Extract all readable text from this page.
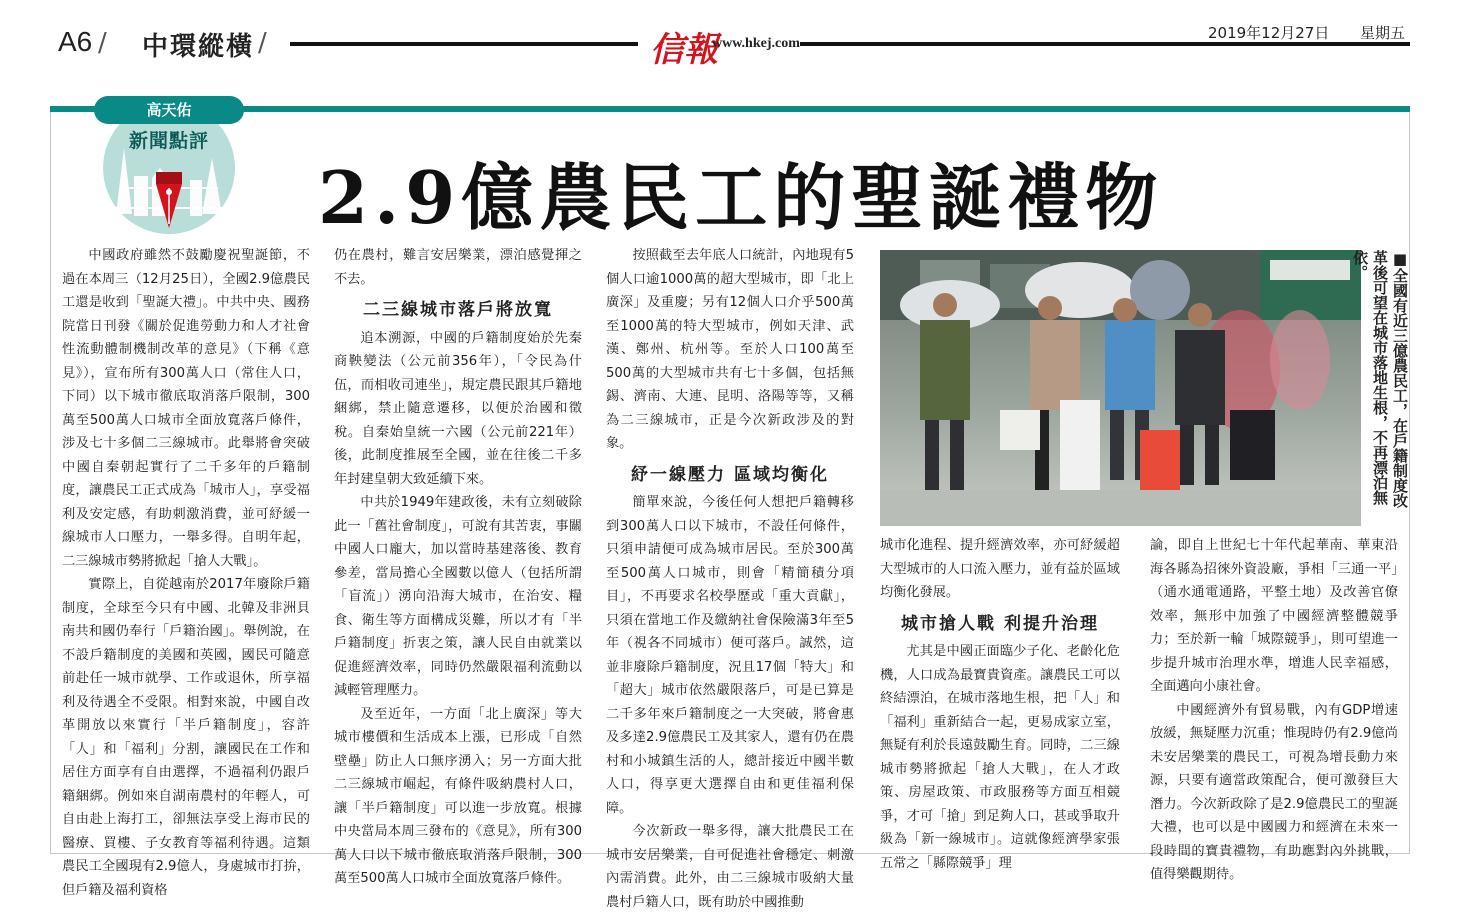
A6 / 中環縱橫 /	信報
www.hkej.com
2019年12月27日 星期五
高天佑
新聞點評
2.9億農民工的聖誕禮物

中國政府雖然不鼓勵慶祝聖誕節，不過在本周三（12月25日），全國2.9億農民工還是收到「聖誕大禮」。中共中央、國務院當日刊發《關於促進勞動力和人才社會性流動體制機制改革的意見》（下稱《意見》），宣布所有300萬人口（常住人口，下同）以下城市徹底取消落戶限制，300萬至500萬人口城市全面放寬落戶條件，涉及七十多個二三線城市。此舉將會突破中國自秦朝起實行了二千多年的戶籍制度，讓農民工正式成為「城市人」，享受福利及安定感，有助刺激消費，並可紓緩一線城市人口壓力，一舉多得。自明年起，二三線城市勢將掀起「搶人大戰」。

實際上，自從越南於2017年廢除戶籍制度，全球至今只有中國、北韓及非洲貝南共和國仍奉行「戶籍治國」。舉例說，在不設戶籍制度的美國和英國，國民可隨意前赴任一城市就學、工作或退休，所享福利及待遇全不受限。相對來說，中國自改革開放以來實行「半戶籍制度」，容許「人」和「福利」分割，讓國民在工作和居住方面享有自由選擇，不過福利仍跟戶籍綑綁。例如來自湖南農村的年輕人，可自由赴上海打工，卻無法享受上海市民的醫療、買樓、子女教育等福利待遇。這類農民工全國現有2.9億人，身處城市打拚，但戶籍及福利資格

仍在農村，難言安居樂業，漂泊感覺揮之不去。

二三線城市落戶將放寬

追本溯源，中國的戶籍制度始於先秦商鞅變法（公元前356年），「令民為什伍，而相收司連坐」，規定農民跟其戶籍地綑綁，禁止隨意遷移，以便於治國和徵稅。自秦始皇統一六國（公元前221年）後，此制度推展至全國，並在往後二千多年封建皇朝大致延續下來。

中共於1949年建政後，未有立刻破除此一「舊社會制度」，可說有其苦衷，事關中國人口龐大，加以當時基建落後、教育參差，當局擔心全國數以億人（包括所謂「盲流」）湧向沿海大城市，在治安、糧食、衛生等方面構成災難，所以才有「半戶籍制度」折衷之策，讓人民自由就業以促進經濟效率，同時仍然嚴限福利流動以減輕管理壓力。

及至近年，一方面「北上廣深」等大城市樓價和生活成本上漲，已形成「自然壁壘」防止人口無序湧入；另一方面大批二三線城市崛起，有條件吸納農村人口，讓「半戶籍制度」可以進一步放寬。根據中央當局本周三發布的《意見》，所有300萬人口以下城市徹底取消落戶限制，300萬至500萬人口城市全面放寬落戶條件。

按照截至去年底人口統計，內地現有5個人口逾1000萬的超大型城市，即「北上廣深」及重慶；另有12個人口介乎500萬至1000萬的特大型城市，例如天津、武漢、鄭州、杭州等。至於人口100萬至500萬的大型城市共有七十多個，包括無錫、濟南、大連、昆明、洛陽等等，又稱為二三線城市，正是今次新政涉及的對象。

紓一線壓力 區域均衡化

簡單來說，今後任何人想把戶籍轉移到300萬人口以下城市，不設任何條件，只須申請便可成為城市居民。至於300萬至500萬人口城市，則會「精簡積分項目」，不再要求名校學歷或「重大貢獻」，只須在當地工作及繳納社會保險滿3年至5年（視各不同城市）便可落戶。誠然，這並非廢除戶籍制度，況且17個「特大」和「超大」城市依然嚴限落戶，可是已算是二千多年來戶籍制度之一大突破，將會惠及多達2.9億農民工及其家人，還有仍在農村和小城鎮生活的人，總計接近中國半數人口，得享更大選擇自由和更佳福利保障。

今次新政一舉多得，讓大批農民工在城市安居樂業，自可促進社會穩定、刺激內需消費。此外，由二三線城市吸納大量農村戶籍人口，既有助於中國推動

■全國有近三億農民工，在戶籍制度改革後可望在城市落地生根，不再漂泊無依。

城市化進程、提升經濟效率，亦可紓緩超大型城市的人口流入壓力，並有益於區域均衡化發展。

城市搶人戰 利提升治理

尤其是中國正面臨少子化、老齡化危機，人口成為最寶貴資產。讓農民工可以終結漂泊，在城市落地生根，把「人」和「福利」重新結合一起，更易成家立室，無疑有利於長遠鼓勵生育。同時，二三線城市勢將掀起「搶人大戰」，在人才政策、房屋政策、市政服務等方面互相競爭，才可「搶」到足夠人口，甚或爭取升級為「新一線城市」。這就像經濟學家張五常之「縣際競爭」理

論，即自上世紀七十年代起華南、華東沿海各縣為招徠外資設廠，爭相「三通一平」（通水通電通路，平整土地）及改善官僚效率，無形中加強了中國經濟整體競爭力；至於新一輪「城際競爭」，則可望進一步提升城市治理水準，增進人民幸福感，全面邁向小康社會。

中國經濟外有貿易戰，內有GDP增速放緩，無疑壓力沉重；惟現時仍有2.9億尚未安居樂業的農民工，可視為增長動力來源，只要有適當政策配合，便可激發巨大潛力。今次新政除了是2.9億農民工的聖誕大禮，也可以是中國國力和經濟在未來一段時間的寶貴禮物，有助應對內外挑戰，值得樂觀期待。
